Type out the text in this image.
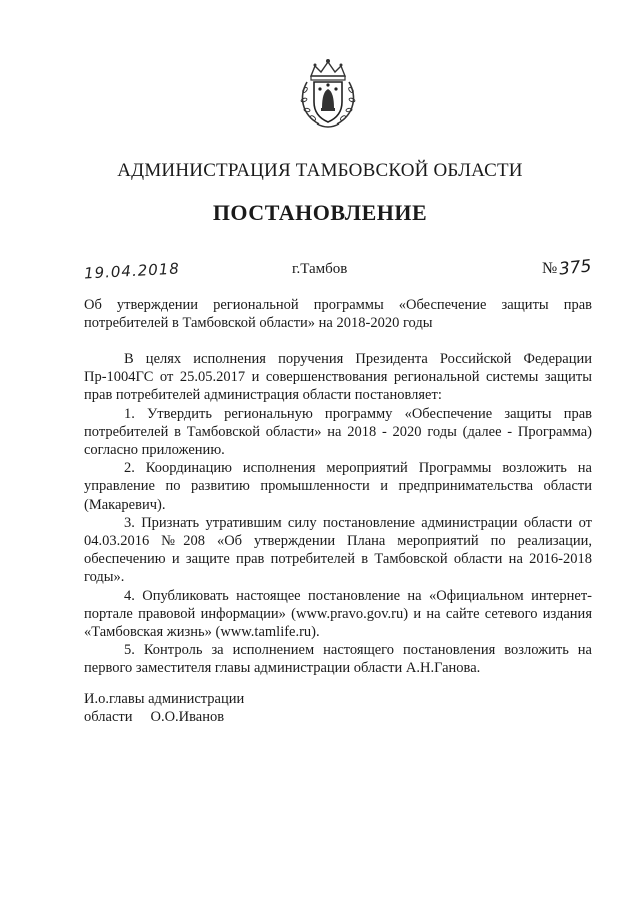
АДМИНИСТРАЦИЯ ТАМБОВСКОЙ ОБЛАСТИ
ПОСТАНОВЛЕНИЕ
19.04.2018	г.Тамбов	№375
Об утверждении региональной программы «Обеспечение защиты прав потребителей в Тамбовской области» на 2018-2020 годы

В целях исполнения поручения Президента Российской Федерации Пр-1004ГС от 25.05.2017 и совершенствования региональной системы защиты прав потребителей администрация области постановляет:

1. Утвердить региональную программу «Обеспечение защиты прав потребителей в Тамбовской области» на 2018 - 2020 годы (далее - Программа) согласно приложению.

2. Координацию исполнения мероприятий Программы возложить на управление по развитию промышленности и предпринимательства области (Макаревич).

3. Признать утратившим силу постановление администрации области от 04.03.2016 №208 «Об утверждении Плана мероприятий по реализации, обеспечению и защите прав потребителей в Тамбовской области на 2016-2018 годы».

4. Опубликовать настоящее постановление на «Официальном интернет-портале правовой информации» (www.pravo.gov.ru) и на сайте сетевого издания «Тамбовская жизнь» (www.tamlife.ru).

5. Контроль за исполнением настоящего постановления возложить на первого заместителя главы администрации области А.Н.Ганова.

И.о.главы администрации
области О.О.Иванов
